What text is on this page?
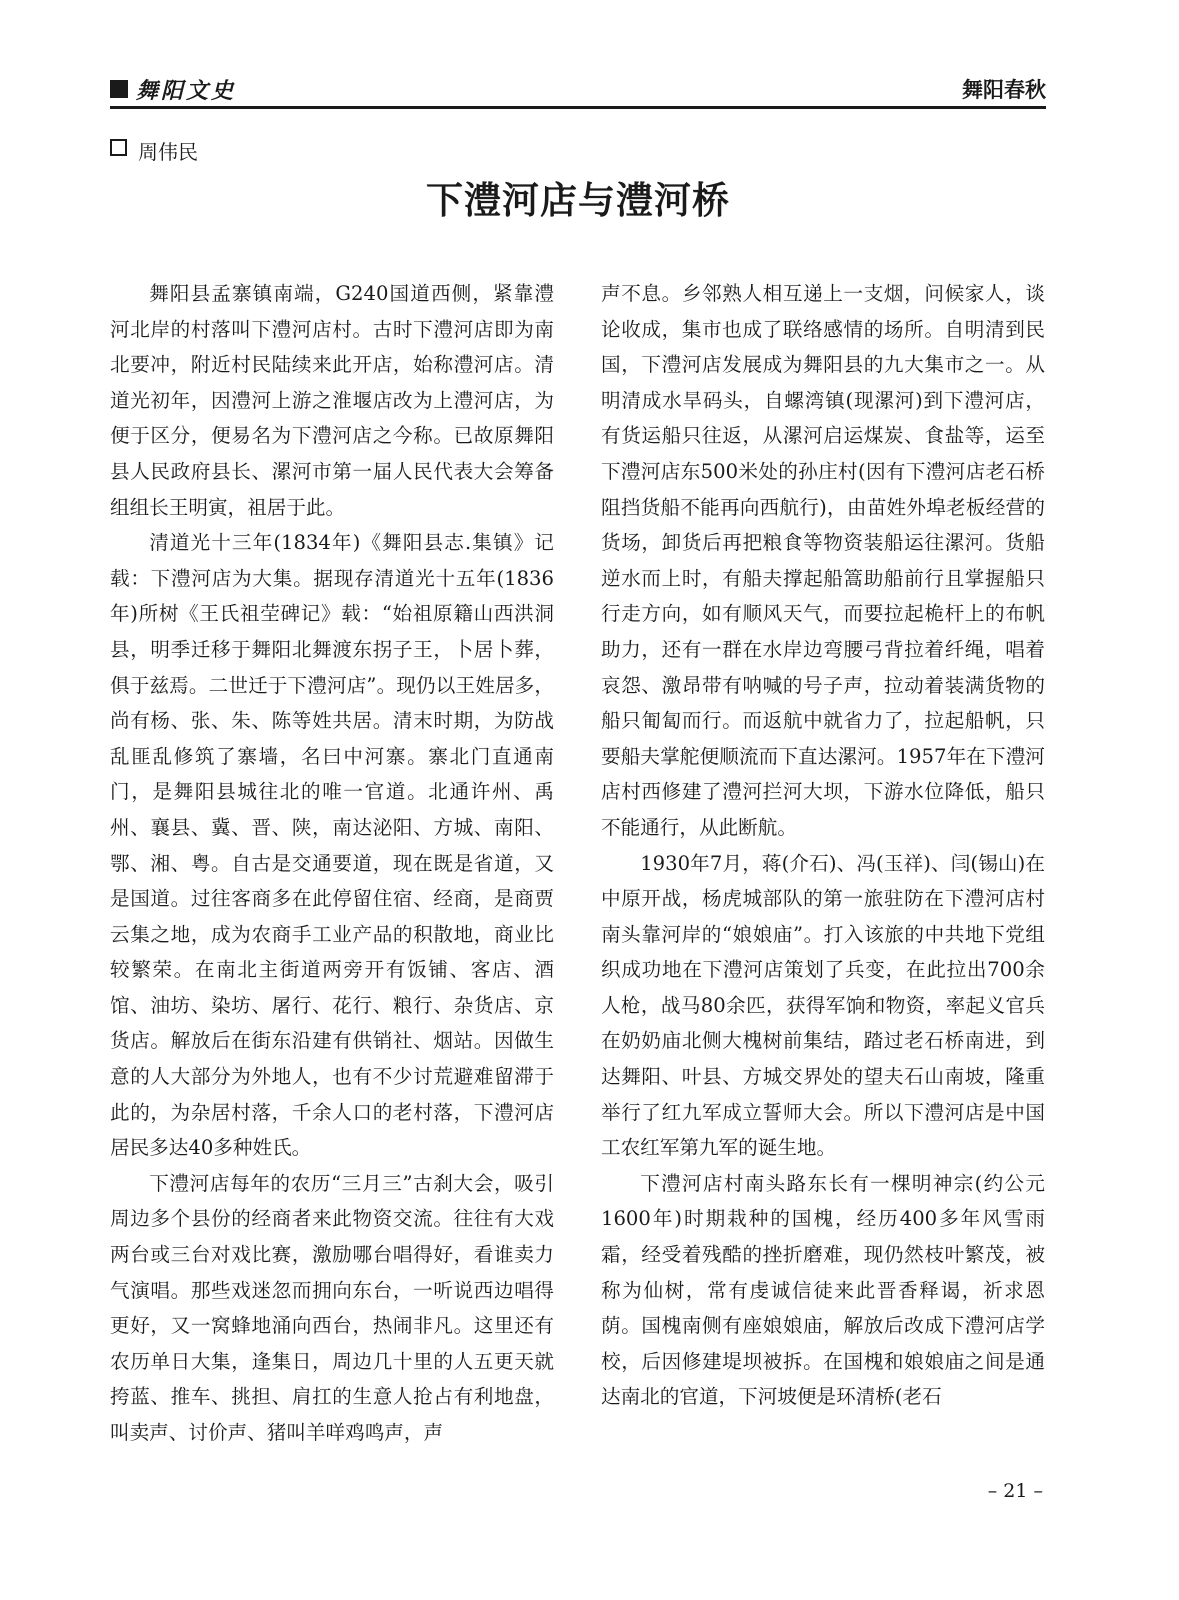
舞阳文史	舞阳春秋
周伟民
下澧河店与澧河桥

舞阳县孟寨镇南端，G240国道西侧，紧靠澧河北岸的村落叫下澧河店村。古时下澧河店即为南北要冲，附近村民陆续来此开店，始称澧河店。清道光初年，因澧河上游之淮堰店改为上澧河店，为便于区分，便易名为下澧河店之今称。已故原舞阳县人民政府县长、漯河市第一届人民代表大会筹备组组长王明寅，祖居于此。

清道光十三年(1834年)《舞阳县志.集镇》记载：下澧河店为大集。据现存清道光十五年(1836年)所树《王氏祖茔碑记》载：“始祖原籍山西洪洞县，明季迁移于舞阳北舞渡东拐子王，卜居卜葬，俱于兹焉。二世迁于下澧河店”。现仍以王姓居多，尚有杨、张、朱、陈等姓共居。清末时期，为防战乱匪乱修筑了寨墙，名曰中河寨。寨北门直通南门，是舞阳县城往北的唯一官道。北通许州、禹州、襄县、冀、晋、陕，南达泌阳、方城、南阳、鄂、湘、粤。自古是交通要道，现在既是省道，又是国道。过往客商多在此停留住宿、经商，是商贾云集之地，成为农商手工业产品的积散地，商业比较繁荣。在南北主街道两旁开有饭铺、客店、酒馆、油坊、染坊、屠行、花行、粮行、杂货店、京货店。解放后在街东沿建有供销社、烟站。因做生意的人大部分为外地人，也有不少讨荒避难留滞于此的，为杂居村落，千余人口的老村落，下澧河店居民多达40多种姓氏。

下澧河店每年的农历“三月三”古刹大会，吸引周边多个县份的经商者来此物资交流。往往有大戏两台或三台对戏比赛，激励哪台唱得好，看谁卖力气演唱。那些戏迷忽而拥向东台，一听说西边唱得更好，又一窝蜂地涌向西台，热闹非凡。这里还有农历单日大集，逢集日，周边几十里的人五更天就挎蓝、推车、挑担、肩扛的生意人抢占有利地盘，叫卖声、讨价声、猪叫羊咩鸡鸣声，声

声不息。乡邻熟人相互递上一支烟，问候家人，谈论收成，集市也成了联络感情的场所。自明清到民国，下澧河店发展成为舞阳县的九大集市之一。从明清成水旱码头，自螺湾镇(现漯河)到下澧河店，有货运船只往返，从漯河启运煤炭、食盐等，运至下澧河店东500米处的孙庄村(因有下澧河店老石桥阻挡货船不能再向西航行)，由苗姓外埠老板经营的货场，卸货后再把粮食等物资装船运往漯河。货船逆水而上时，有船夫撑起船篙助船前行且掌握船只行走方向，如有顺风天气，而要拉起桅杆上的布帆助力，还有一群在水岸边弯腰弓背拉着纤绳，唱着哀怨、激昂带有呐喊的号子声，拉动着装满货物的船只匍匐而行。而返航中就省力了，拉起船帆，只要船夫掌舵便顺流而下直达漯河。1957年在下澧河店村西修建了澧河拦河大坝，下游水位降低，船只不能通行，从此断航。

1930年7月，蒋(介石)、冯(玉祥)、闫(锡山)在中原开战，杨虎城部队的第一旅驻防在下澧河店村南头靠河岸的“娘娘庙”。打入该旅的中共地下党组织成功地在下澧河店策划了兵变，在此拉出700余人枪，战马80余匹，获得军饷和物资，率起义官兵在奶奶庙北侧大槐树前集结，踏过老石桥南进，到达舞阳、叶县、方城交界处的望夫石山南坡，隆重举行了红九军成立誓师大会。所以下澧河店是中国工农红军第九军的诞生地。

下澧河店村南头路东长有一棵明神宗(约公元1600年)时期栽种的国槐，经历400多年风雪雨霜，经受着残酷的挫折磨难，现仍然枝叶繁茂，被称为仙树，常有虔诚信徒来此晋香释谒，祈求恩荫。国槐南侧有座娘娘庙，解放后改成下澧河店学校，后因修建堤坝被拆。在国槐和娘娘庙之间是通达南北的官道，下河坡便是环清桥(老石

– 21 –
